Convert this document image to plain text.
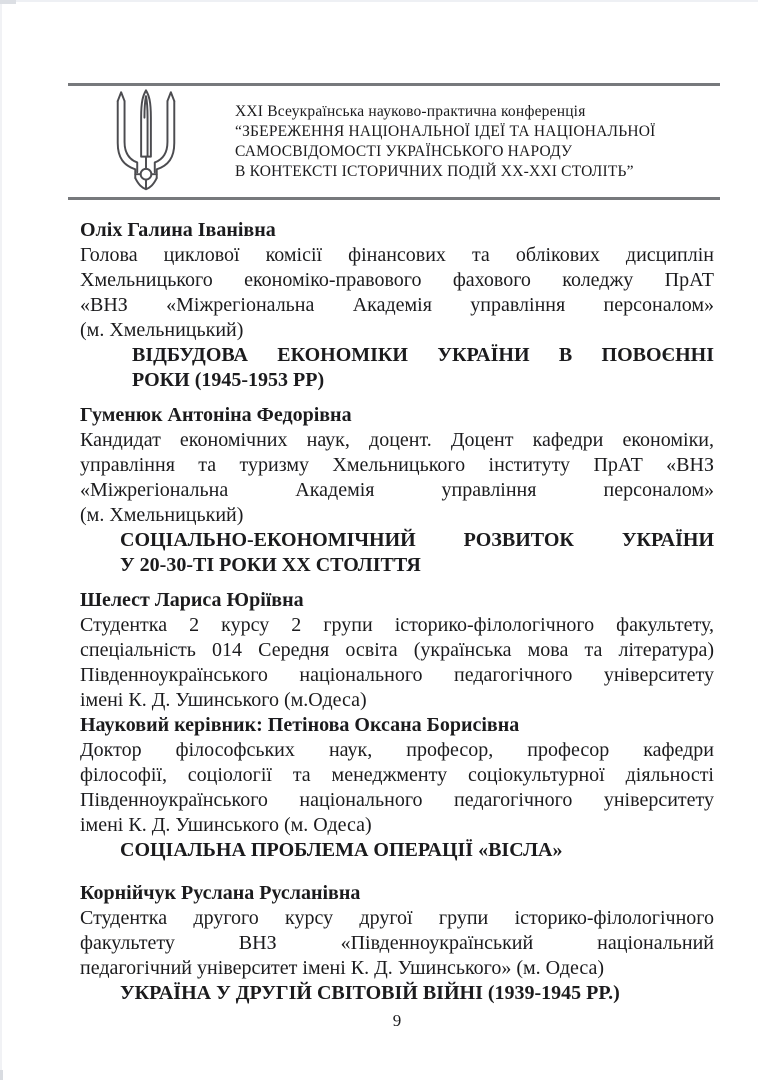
ХХІ Всеукраїнська науково-практична конференція
“ЗБЕРЕЖЕННЯ НАЦІОНАЛЬНОЇ ІДЕЇ ТА НАЦІОНАЛЬНОЇ
САМОСВІДОМОСТІ УКРАЇНСЬКОГО НАРОДУ
В КОНТЕКСТІ ІСТОРИЧНИХ ПОДІЙ ХХ-ХХІ СТОЛІТЬ”
Оліх Галина Іванівна
Голова циклової комісії фінансових та облікових дисциплін
Хмельницького економіко-правового фахового коледжу ПрАТ
«ВНЗ «Міжрегіональна Академія управління персоналом»
(м. Хмельницький)
ВІДБУДОВА ЕКОНОМІКИ УКРАЇНИ В ПОВОЄННІ
РОКИ (1945-1953 РР)
Гуменюк Антоніна Федорівна
Кандидат економічних наук, доцент. Доцент кафедри економіки,
управління та туризму Хмельницького інституту ПрАТ «ВНЗ
«Міжрегіональна Академія управління персоналом»
(м. Хмельницький)
СОЦІАЛЬНО-ЕКОНОМІЧНИЙ РОЗВИТОК УКРАЇНИ
У 20-30-ТІ РОКИ ХХ СТОЛІТТЯ
Шелест Лариса Юріївна
Студентка 2 курсу 2 групи історико-філологічного факультету,
спеціальність 014 Середня освіта (українська мова та література)
Південноукраїнського національного педагогічного університету
імені К. Д. Ушинського (м.Одеса)
Науковий керівник: Петінова Оксана Борисівна
Доктор філософських наук, професор, професор кафедри
філософії, соціології та менеджменту соціокультурної діяльності
Південноукраїнського національного педагогічного університету
імені К. Д. Ушинського (м. Одеса)
СОЦІАЛЬНА ПРОБЛЕМА ОПЕРАЦІЇ «ВІСЛА»
Корнійчук Руслана Русланівна
Студентка другого курсу другої групи історико-філологічного
факультету ВНЗ «Південноукраїнський національний
педагогічний університет імені К. Д. Ушинського» (м. Одеса)
УКРАЇНА У ДРУГІЙ СВІТОВІЙ ВІЙНІ (1939-1945 РР.)
9
